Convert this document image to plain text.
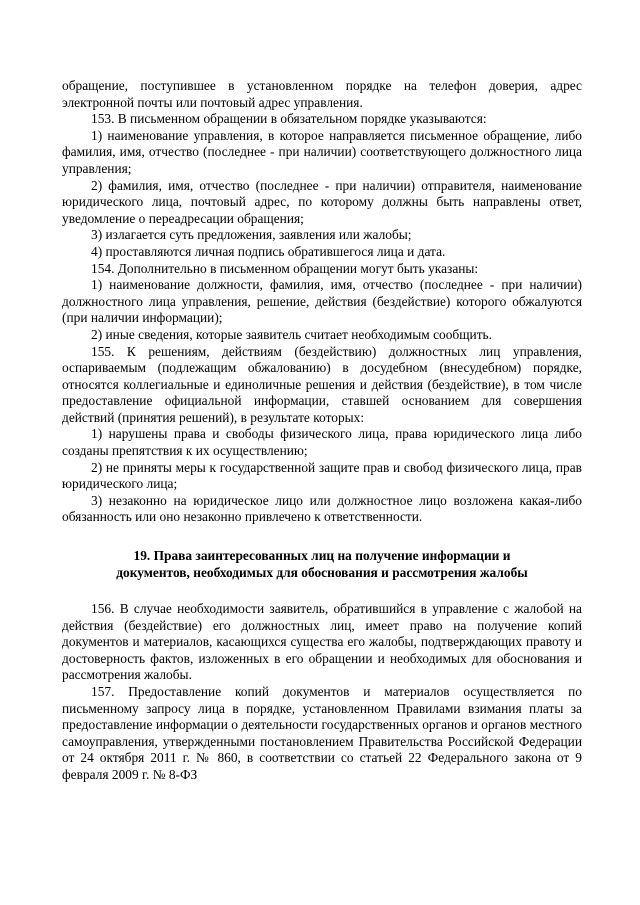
обращение, поступившее в установленном порядке на телефон доверия, адрес электронной почты или почтовый адрес управления.

153. В письменном обращении в обязательном порядке указываются:

1) наименование управления, в которое направляется письменное обращение, либо фамилия, имя, отчество (последнее - при наличии) соответствующего должностного лица управления;

2) фамилия, имя, отчество (последнее - при наличии) отправителя, наименование юридического лица, почтовый адрес, по которому должны быть направлены ответ, уведомление о переадресации обращения;

3) излагается суть предложения, заявления или жалобы;

4) проставляются личная подпись обратившегося лица и дата.

154. Дополнительно в письменном обращении могут быть указаны:

1) наименование должности, фамилия, имя, отчество (последнее - при наличии) должностного лица управления, решение, действия (бездействие) которого обжалуются (при наличии информации);

2) иные сведения, которые заявитель считает необходимым сообщить.

155. К решениям, действиям (бездействию) должностных лиц управления, оспариваемым (подлежащим обжалованию) в досудебном (внесудебном) порядке, относятся коллегиальные и единоличные решения и действия (бездействие), в том числе предоставление официальной информации, ставшей основанием для совершения действий (принятия решений), в результате которых:

1) нарушены права и свободы физического лица, права юридического лица либо созданы препятствия к их осуществлению;

2) не приняты меры к государственной защите прав и свобод физического лица, прав юридического лица;

3) незаконно на юридическое лицо или должностное лицо возложена какая-либо обязанность или оно незаконно привлечено к ответственности.

19. Права заинтересованных лиц на получение информации и
документов, необходимых для обоснования и рассмотрения жалобы

156. В случае необходимости заявитель, обратившийся в управление с жалобой на действия (бездействие) его должностных лиц, имеет право на получение копий документов и материалов, касающихся существа его жалобы, подтверждающих правоту и достоверность фактов, изложенных в его обращении и необходимых для обоснования и рассмотрения жалобы.

157. Предоставление копий документов и материалов осуществляется по письменному запросу лица в порядке, установленном Правилами взимания платы за предоставление информации о деятельности государственных органов и органов местного самоуправления, утвержденными постановлением Правительства Российской Федерации от 24 октября 2011 г. № 860, в соответствии со статьей 22 Федерального закона от 9 февраля 2009 г. № 8-ФЗ
